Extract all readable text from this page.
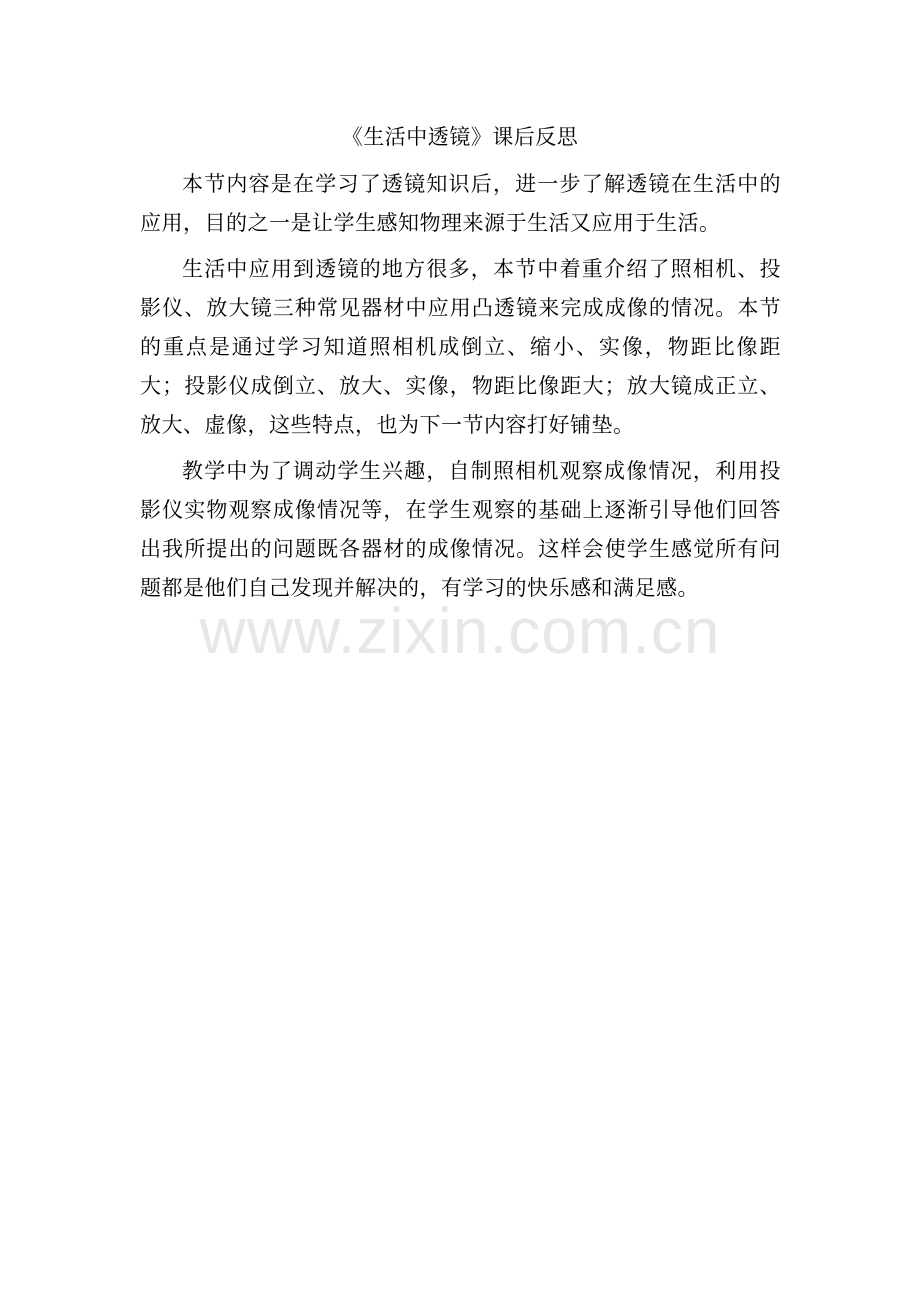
《生活中透镜》课后反思

本节内容是在学习了透镜知识后，进一步了解透镜在生活中的应用，目的之一是让学生感知物理来源于生活又应用于生活。

生活中应用到透镜的地方很多，本节中着重介绍了照相机、投影仪、放大镜三种常见器材中应用凸透镜来完成成像的情况。本节的重点是通过学习知道照相机成倒立、缩小、实像，物距比像距大；投影仪成倒立、放大、实像，物距比像距大；放大镜成正立、放大、虚像，这些特点，也为下一节内容打好铺垫。

教学中为了调动学生兴趣，自制照相机观察成像情况，利用投影仪实物观察成像情况等，在学生观察的基础上逐渐引导他们回答出我所提出的问题既各器材的成像情况。这样会使学生感觉所有问题都是他们自己发现并解决的，有学习的快乐感和满足感。

www.zixin.com.cn
